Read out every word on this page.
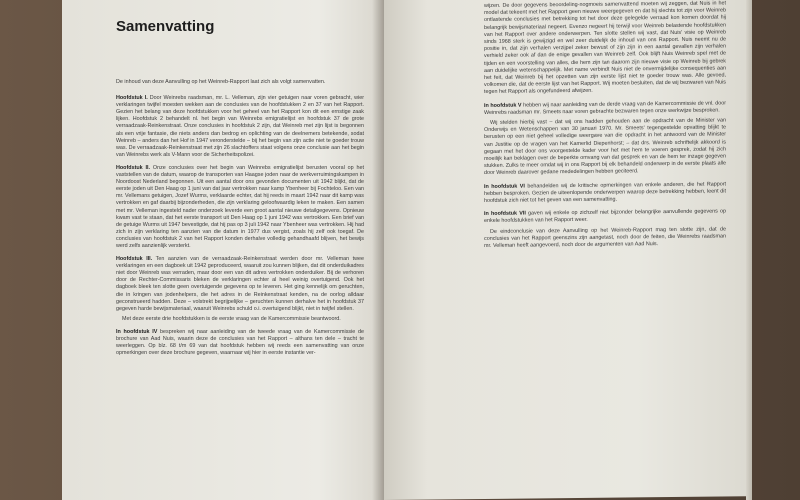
Samenvatting

De inhoud van deze Aanvulling op het Weinreb-Rapport laat zich als volgt samenvatten.

Hoofdstuk I. Door Weinrebs raadsman, mr. L. Velleman, zijn vier getuigen naar voren gebracht, wier verklaringen twijfel moesten wekken aan de conclusies van de hoofdstukken 2 en 37 van het Rapport. Gezien het belang van deze hoofdstukken voor het geheel van het Rapport kon dit een ernstige zaak lijken. Hoofdstuk 2 behandelt nl. het begin van Weinrebs emigratielijst en hoofdstuk 37 de grote verraadzaak-Reinkenstraat. Onze conclusies in hoofdstuk 2 zijn, dat Weinreb met zijn lijst is begonnen als een vrije fantasie, die niets anders dan bedrog en oplichting van de deelnemers betekende, sodat Weinreb – anders dan het Hof in 1947 veronderstelde – bij het begin van zijn actie niet te goeder trouw was. De verraadzaak-Reinkenstraat met zijn 26 slachtoffers staat volgens onze conclusie aan het begin van Weinrebs werk als V-Mann voor de Sicherheitspolizei.

Hoofdstuk II. Onze conclusies over het begin van Weinrebs emigratielijst berusten vooral op het vaststellen van de datum, waarop de transporten van Haagse joden naar de werkverruimingskampen in Noordoost Nederland begonnen. Uit een aantal door ons gevonden documenten uit 1942 blijkt, dat de eerste joden uit Den Haag op 1 juni van dat jaar vertrokken naar kamp Ybenheer bij Fochteloo. Een van mr. Vellemans getuigen, Jozef Wurms, verklaarde echter, dat hij reeds in maart 1942 naar dit kamp was vertrokken en gaf daarbij bijzonderheden, die zijn verklaring geloofwaardig leken te maken. Een samen met mr. Velleman ingesteld nader onderzoek leverde een groot aantal nieuwe detailgegevens. Opnieuw kwam vast te staan, dat het eerste transport uit Den Haag op 1 juni 1942 was vertrokken. Een brief van de getuige Wurms uit 1947 bevestigde, dat hij pas op 3 juli 1942 naar Ybenheer was vertrokken. Hij had zich in zijn verklaring ten aanzien van die datum in 1977 dus vergist, zoals hij zelf ook toegaf. De conclusies van hoofdstuk 2 van het Rapport konden derhalve volledig gehandhaafd blijven, het bewijs werd zelfs aanzienlijk versterkt.

Hoofdstuk III. Ten aanzien van de verraadzaak-Reinkenstraat werden door mr. Velleman twee verklaringen en een dagboek uit 1942 geproduceerd, waaruit zou kunnen blijken, dat dit onderduikadres niet door Weinreb was verraden, maar door een van dit adres vertrokken onderduiker. Bij de verhoren door de Rechter-Commissaris bleken de verklaringen echter al heel weinig overtuigend. Ook het dagboek bleek ten slotte geen overtuigende gegevens op te leveren. Het ging kennelijk om geruchten, die in kringen van jodenhelpers, die het adres in de Reinkenstraat kenden, na de oorlog alldaar geconstrueerd hadden. Deze – volstrekt begrijpelijke – geruchten kunnen derhalve het in hoofdstuk 37 gegeven harde bewijsmateriaal, waaruit Weinrebs schuld o.i. overtuigend blijkt, niet in twijfel stellen.

Met deze eerste drie hoofdstukken is de eerste vraag van de Kamercommissie beantwoord.

In hoofdstuk IV bespreken wij naar aanleiding van de tweede vraag van de Kamercommissie de brochure van Aad Nuis, waarin deze de conclusies van het Rapport – althans ten dele – tracht te weerleggen. Op blz. 68 t/m 69 van dat hoofdstuk hebben wij reeds een samenvatting van onze opmerkingen over deze brochure gegeven, waarnaar wij hier in eerste instantie ver-

wijzen. De door gegevens beoordeling-nogmoeis samenvattend moeten wij zeggen, dat Nuis in het model dat tekeent met het Rapport geen nieuwe weergegeven en dat hij slechts tot zijn voor Weinreb ontlastende conclusies met betrekking tot het door deze gelegelde verraad kon komen doordat hij belangrijk bewijsmateriaal negeert. Evenzo negeert hij terwijl voor Weinreb belastende hoofdstukken van het Rapport over andere onderwerpen. Ten slotte stellen wij vast, dat Nuis' visie op Weinreb sinds 1968 sterk is gewijzigd en wel zeer duidelijk de inhoud van ons Rapport. Nuis neemt nu de positie in, dat zijn verhalen verzijpel zeker bewust of zijn zijn in een aantal gevallen zijn verhalen verhield zeker ook af dan de enige gevallen van Weinreb zelf. Ook blijft Nuis Weinreb spel met de tijden en een voorstelling van alles, die hem zijn tan daarom zijn nieuwe visie op Weinreb bij gebrek aan duidelijke wetenschappelijk. Met name verbindt Nuis niet de onvermijdelijke consequenties aan het feit, dat Weinreb bij het opzetten van zijn eerste lijst niet te goeder trouw was. Alle gevoed, volkomen die, dat de eerste lijst van het Rapport. Wij moeten besluiten, dat de wij bezwaren van Nuis tegen het Rapport als ongefundeerd afwijzen.

In hoofdstuk V hebben wij naar aanleiding van de derde vraag van de Kamercommissie de vnl. door Weinrebs raadsman mr. Smeets naar voren gebrachte bezwaren tegen onze werkwijze besproken.

Wij stelden hierbij vast – dat wij ons hadden gehouden aan de opdracht van de Minister van Onderwijs en Wetenschappen van 30 januari 1970. Mr. Smeets' tegengestelde opvatting blijkt te berusten op een niet geheel volledige weergave van die opdracht in het antwoord van de Minister van Justitie op de vragen van het Kamerlid Diepenhorst; – dat drs. Weinreb schriftelijk akkoord is gegaan met het door ons voorgestelde kader voor het met hem te voeren gesprek, zodat hij zich moeilijk kan beklagen over de beperkte omvang van dat gesprek en van de hem ter inzage gegeven stukken. Zulks te meer omdat wij in ons Rapport bij elk behandeld onderwerp in de eerste plaats alle door Weinreb daarover gedane mededelingen hebben geciteerd.

In hoofdstuk VI behandelden wij de kritische opmerkingen van enkele anderen, die het Rapport hebben besproken. Gezien de uiteenlopende onderwerpen waarop deze betrekking hebben, leent dit hoofdstuk zich niet tot het geven van een samenvatting.

In hoofdstuk VII gaven wij enkele op zichzelf niet bijzonder belangrijke aanvullende gegevens op enkele hoofdstukken van het Rapport weer.

De eindconclusie van deze Aanvulling op het Weinreb-Rapport mag ten slotte zijn, dat de conclusies van het Rapport geenszins zijn aangetast, noch door de feiten, die Weinrebs raadsman mr. Velleman heeft aangevoerd, noch door de argumenten van Aad Nuis.
